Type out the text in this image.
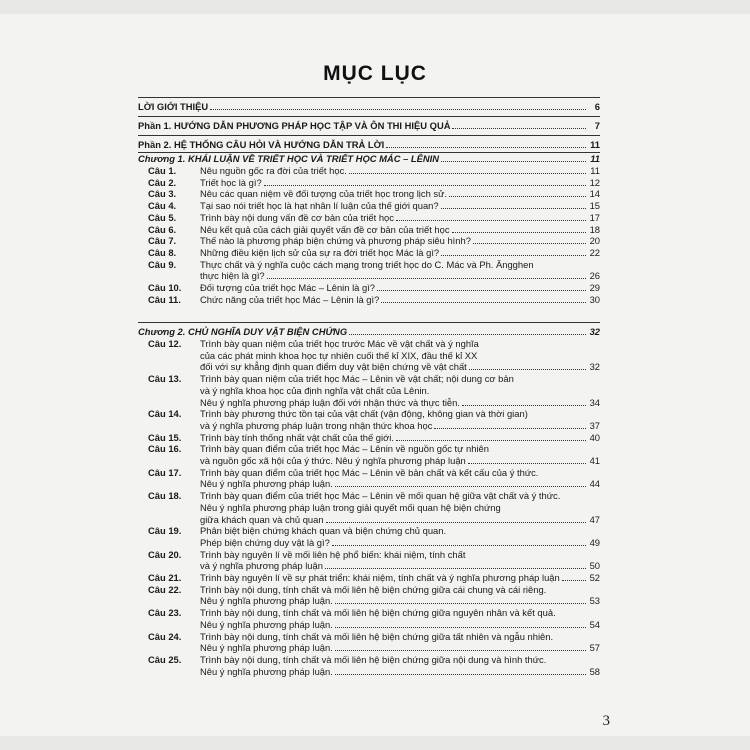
MỤC LỤC
LỜI GIỚI THIỆU	6
Phần 1. HƯỚNG DẪN PHƯƠNG PHÁP HỌC TẬP VÀ ÔN THI HIỆU QUẢ	7
Phần 2. HỆ THỐNG CÂU HỎI VÀ HƯỚNG DẪN TRẢ LỜI	11
Chương 1. KHÁI LUẬN VỀ TRIẾT HỌC VÀ TRIẾT HỌC MÁC – LÊNIN	11
Câu 1.	Nêu nguồn gốc ra đời của triết học.	11
Câu 2.	Triết học là gì?	12
Câu 3.	Nêu các quan niệm về đối tượng của triết học trong lịch sử.	14
Câu 4.	Tại sao nói triết học là hạt nhân lí luận của thế giới quan?	15
Câu 5.	Trình bày nội dung vấn đề cơ bản của triết học	17
Câu 6.	Nêu kết quả của cách giải quyết vấn đề cơ bản của triết học	18
Câu 7.	Thế nào là phương pháp biện chứng và phương pháp siêu hình?	20
Câu 8.	Những điều kiện lịch sử của sự ra đời triết học Mác là gì?	22
Câu 9.	Thực chất và ý nghĩa cuộc cách mạng trong triết học do C. Mác và Ph. Ăngghen
thực hiện là gì?	26
Câu 10.	Đối tượng của triết học Mác – Lênin là gì?	29
Câu 11.	Chức năng của triết học Mác – Lênin là gì?	30
Chương 2. CHỦ NGHĨA DUY VẬT BIỆN CHỨNG	32
Câu 12.	Trình bày quan niệm của triết học trước Mác về vật chất và ý nghĩa
của các phát minh khoa học tự nhiên cuối thế kỉ XIX, đầu thế kỉ XX
đối với sự khẳng định quan điểm duy vật biện chứng về vật chất	32
Câu 13.	Trình bày quan niệm của triết học Mác – Lênin về vật chất; nội dung cơ bản
và ý nghĩa khoa học của định nghĩa vật chất của Lênin.
Nêu ý nghĩa phương pháp luận đối với nhận thức và thực tiễn.	34
Câu 14.	Trình bày phương thức tồn tại của vật chất (vận động, không gian và thời gian)
và ý nghĩa phương pháp luận trong nhận thức khoa học	37
Câu 15.	Trình bày tính thống nhất vật chất của thế giới.	40
Câu 16.	Trình bày quan điểm của triết học Mác – Lênin về nguồn gốc tự nhiên
và nguồn gốc xã hội của ý thức. Nêu ý nghĩa phương pháp luận	41
Câu 17.	Trình bày quan điểm của triết học Mác – Lênin về bản chất và kết cấu của ý thức.
Nêu ý nghĩa phương pháp luận.	44
Câu 18.	Trình bày quan điểm của triết học Mác – Lênin về mối quan hệ giữa vật chất và ý thức.
Nêu ý nghĩa phương pháp luận trong giải quyết mối quan hệ biện chứng
giữa khách quan và chủ quan	47
Câu 19.	Phân biệt biện chứng khách quan và biện chứng chủ quan.
Phép biện chứng duy vật là gì?	49
Câu 20.	Trình bày nguyên lí về mối liên hệ phổ biến: khái niệm, tính chất
và ý nghĩa phương pháp luận	50
Câu 21.	Trình bày nguyên lí về sự phát triển: khái niệm, tính chất và ý nghĩa phương pháp luận	52
Câu 22.	Trình bày nội dung, tính chất và mối liên hệ biện chứng giữa cái chung và cái riêng.
Nêu ý nghĩa phương pháp luận.	53
Câu 23.	Trình bày nội dung, tính chất và mối liên hệ biện chứng giữa nguyên nhân và kết quả.
Nêu ý nghĩa phương pháp luận.	54
Câu 24.	Trình bày nội dung, tính chất và mối liên hệ biện chứng giữa tất nhiên và ngẫu nhiên.
Nêu ý nghĩa phương pháp luận.	57
Câu 25.	Trình bày nội dung, tính chất và mối liên hệ biện chứng giữa nội dung và hình thức.
Nêu ý nghĩa phương pháp luận.	58
3
